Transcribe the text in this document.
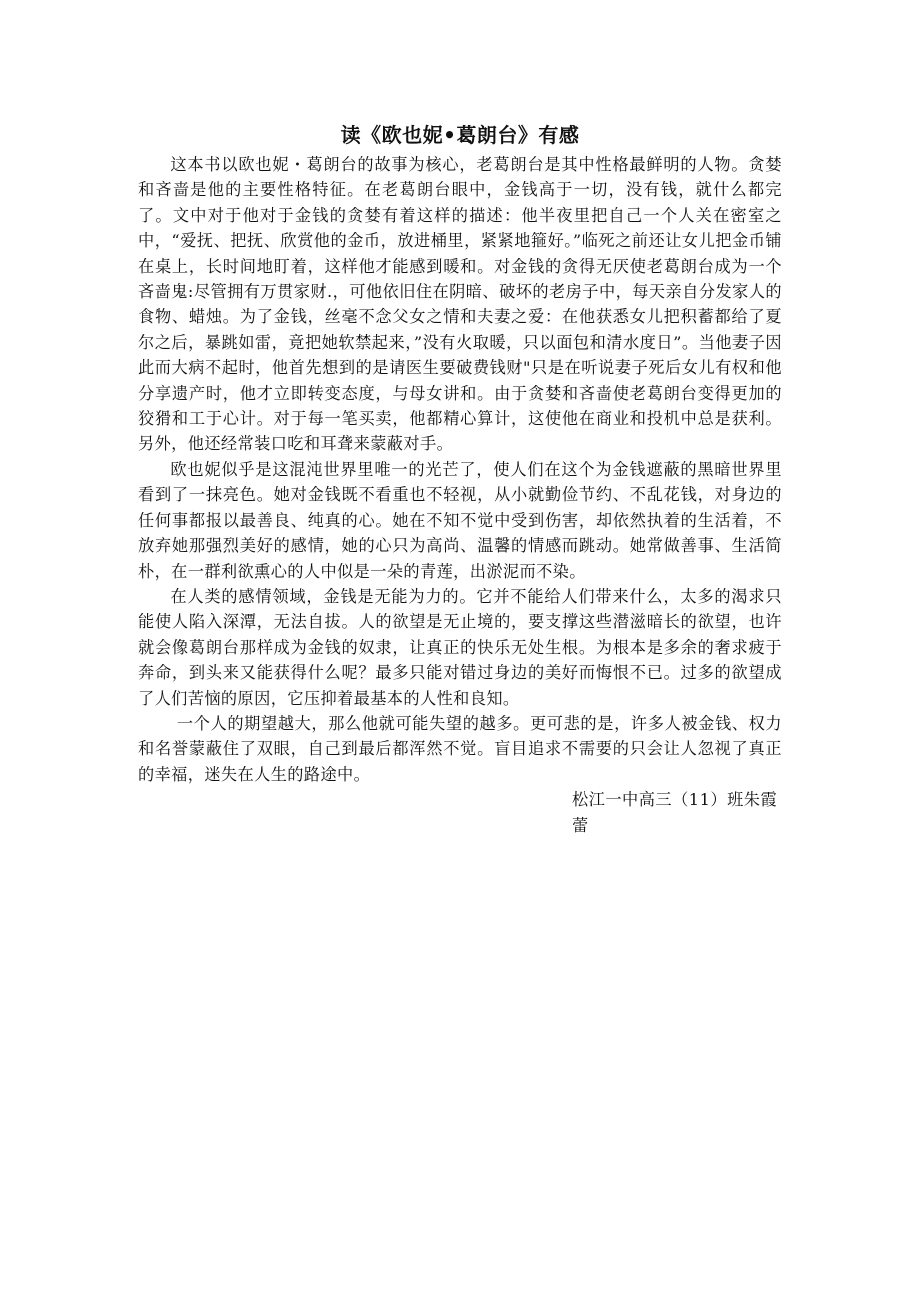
读《欧也妮•葛朗台》有感

这本书以欧也妮・葛朗台的故事为核心，老葛朗台是其中性格最鲜明的人物。贪婪和吝啬是他的主要性格特征。在老葛朗台眼中，金钱高于一切，没有钱，就什么都完了。文中对于他对于金钱的贪婪有着这样的描述：他半夜里把自己一个人关在密室之中，“爱抚、把抚、欣赏他的金币，放进桶里，紧紧地箍好。”临死之前还让女儿把金币铺在桌上，长时间地盯着，这样他才能感到暖和。对金钱的贪得无厌使老葛朗台成为一个吝啬鬼:尽管拥有万贯家财.，可他依旧住在阴暗、破坏的老房子中，每天亲自分发家人的食物、蜡烛。为了金钱，丝毫不念父女之情和夫妻之爱：在他获悉女儿把积蓄都给了夏尔之后，暴跳如雷，竟把她软禁起来，”没有火取暖，只以面包和清水度日”。当他妻子因此而大病不起时，他首先想到的是请医生要破费钱财"只是在听说妻子死后女儿有权和他分享遗产时，他才立即转变态度，与母女讲和。由于贪婪和吝啬使老葛朗台变得更加的狡猾和工于心计。对于每一笔买卖，他都精心算计，这使他在商业和投机中总是获利。另外，他还经常装口吃和耳聋来蒙蔽对手。

欧也妮似乎是这混沌世界里唯一的光芒了，使人们在这个为金钱遮蔽的黑暗世界里看到了一抹亮色。她对金钱既不看重也不轻视，从小就勤俭节约、不乱花钱，对身边的任何事都报以最善良、纯真的心。她在不知不觉中受到伤害，却依然执着的生活着，不放弃她那强烈美好的感情，她的心只为高尚、温馨的情感而跳动。她常做善事、生活简朴，在一群利欲熏心的人中似是一朵的青莲，出淤泥而不染。

在人类的感情领域，金钱是无能为力的。它并不能给人们带来什么，太多的渴求只能使人陷入深潭，无法自拔。人的欲望是无止境的，要支撑这些潜滋暗长的欲望，也许就会像葛朗台那样成为金钱的奴隶，让真正的快乐无处生根。为根本是多余的奢求疲于奔命，到头来又能获得什么呢？最多只能对错过身边的美好而悔恨不已。过多的欲望成了人们苦恼的原因，它压抑着最基本的人性和良知。

一个人的期望越大，那么他就可能失望的越多。更可悲的是，许多人被金钱、权力和名誉蒙蔽住了双眼，自己到最后都浑然不觉。盲目追求不需要的只会让人忽视了真正的幸福，迷失在人生的路途中。

松江一中高三（11）班朱霞蕾
